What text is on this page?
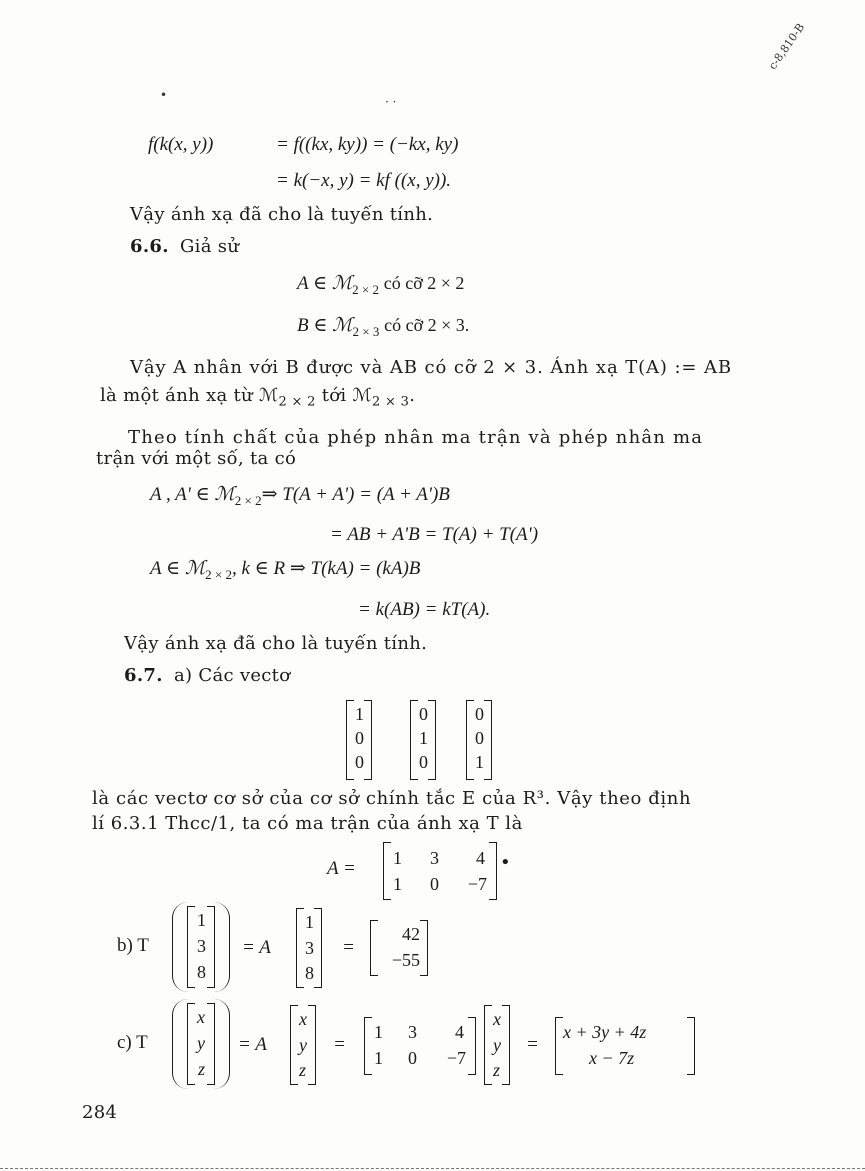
c-8,810-B
•	· ·
f(k(x, y))	= f((kx, ky)) = (−kx, ky)
= k(−x, y) = kf ((x, y)).
Vậy ánh xạ đã cho là tuyến tính.
6.6. Giả sử
A ∈ ℳ$_{2 \times 2}$ có cỡ 2 × 2
B ∈ ℳ$_{2 \times 3}$ có cỡ 2 × 3.
Vậy A nhân với B được và AB có cỡ 2 × 3. Ánh xạ T(A) := AB
là một ánh xạ từ ℳ$_{2 \times 2}$ tới ℳ$_{2 \times 3}$.
Theo tính chất của phép nhân ma trận và phép nhân ma
trận với một số, ta có
A , A' ∈ ℳ$_{2 \times 2}$⇒ T(A + A') = (A + A')B
= AB + A'B = T(A) + T(A')
A ∈ ℳ$_{2 \times 2}$, k ∈ R ⇒ T(kA) = (kA)B
= k(AB) = kT(A).
Vậy ánh xạ đã cho là tuyến tính.
6.7. a) Các vectơ
1
0
0
0
1
0
0
0
1
là các vectơ cơ sở của cơ sở chính tắc E của R³. Vậy theo định
lí 6.3.1 Thcc/1, ta có ma trận của ánh xạ T là
A = 1 3 4
1 0 −7
•
b) T
1
3
8
= A
1
3
8
=
42
−55
c) T
x
y
z
= A
x
y
z
=
1 3 4
1 0 −7
x
y
z
=
x + 3y + 4z
x − 7z
284
